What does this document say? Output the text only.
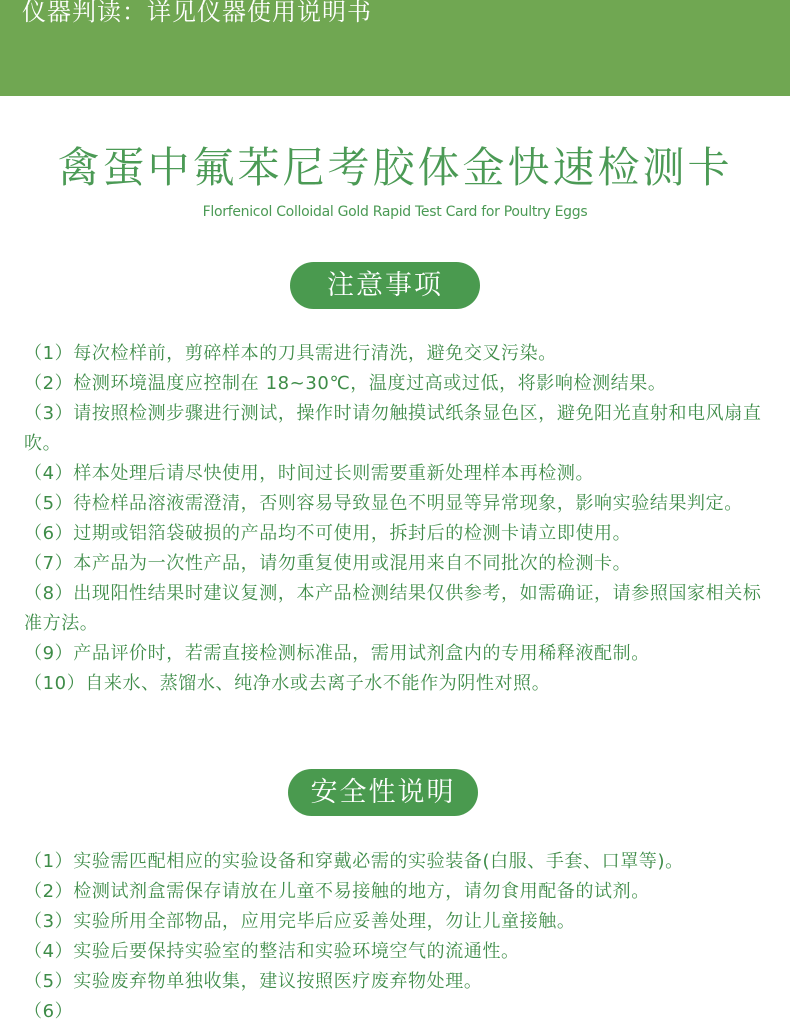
仪器判读：详见仪器使用说明书
禽蛋中氟苯尼考胶体金快速检测卡
Florfenicol Colloidal Gold Rapid Test Card for Poultry Eggs
注意事项
（1）每次检样前，剪碎样本的刀具需进行清洗，避免交叉污染。
（2）检测环境温度应控制在 18~30℃，温度过高或过低，将影响检测结果。
（3）请按照检测步骤进行测试，操作时请勿触摸试纸条显色区，避免阳光直射和电风扇直吹。
（4）样本处理后请尽快使用，时间过长则需要重新处理样本再检测。
（5）待检样品溶液需澄清，否则容易导致显色不明显等异常现象，影响实验结果判定。
（6）过期或铝箔袋破损的产品均不可使用，拆封后的检测卡请立即使用。
（7）本产品为一次性产品，请勿重复使用或混用来自不同批次的检测卡。
（8）出现阳性结果时建议复测，本产品检测结果仅供参考，如需确证，请参照国家相关标准方法。
（9）产品评价时，若需直接检测标准品，需用试剂盒内的专用稀释液配制。
（10）自来水、蒸馏水、纯净水或去离子水不能作为阴性对照。
安全性说明
（1）实验需匹配相应的实验设备和穿戴必需的实验装备(白服、手套、口罩等)。
（2）检测试剂盒需保存请放在儿童不易接触的地方，请勿食用配备的试剂。
（3）实验所用全部物品，应用完毕后应妥善处理，勿让儿童接触。
（4）实验后要保持实验室的整洁和实验环境空气的流通性。
（5）实验废弃物单独收集，建议按照医疗废弃物处理。
（6）
